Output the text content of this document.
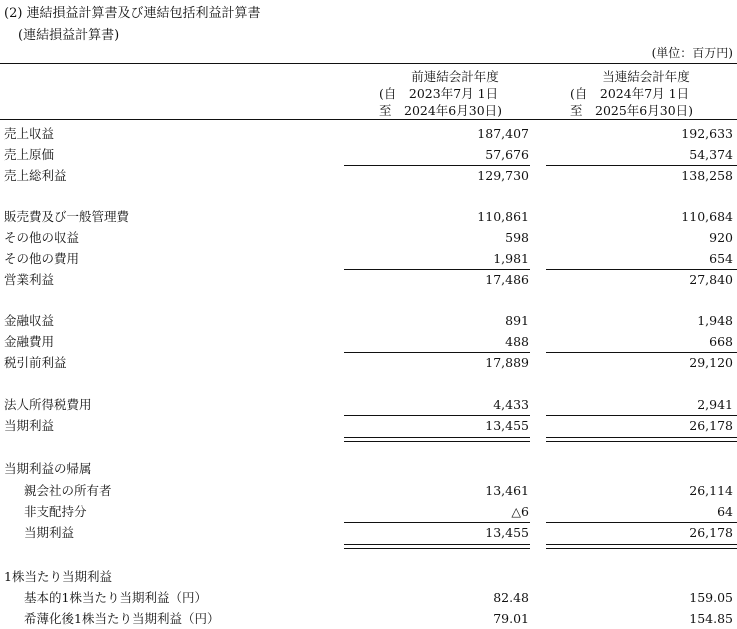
(2) 連結損益計算書及び連結包括利益計算書
(連結損益計算書)
(単位：百万円)
前連結会計年度

(自　2023年7月 1日
至　2024年6月30日)
当連結会計年度

(自　2024年7月 1日
至　2025年6月30日)
売上収益	187,407	192,633
売上原価	57,676	54,374
売上総利益	129,730	138,258
販売費及び一般管理費	110,861	110,684
その他の収益	598	920
その他の費用	1,981	654
営業利益	17,486	27,840
金融収益	891	1,948
金融費用	488	668
税引前利益	17,889	29,120
法人所得税費用	4,433	2,941
当期利益	13,455	26,178
当期利益の帰属
親会社の所有者	13,461	26,114
非支配持分	△6	64
当期利益	13,455	26,178
1株当たり当期利益
基本的1株当たり当期利益（円）	82.48	159.05
希薄化後1株当たり当期利益（円）	79.01	154.85
